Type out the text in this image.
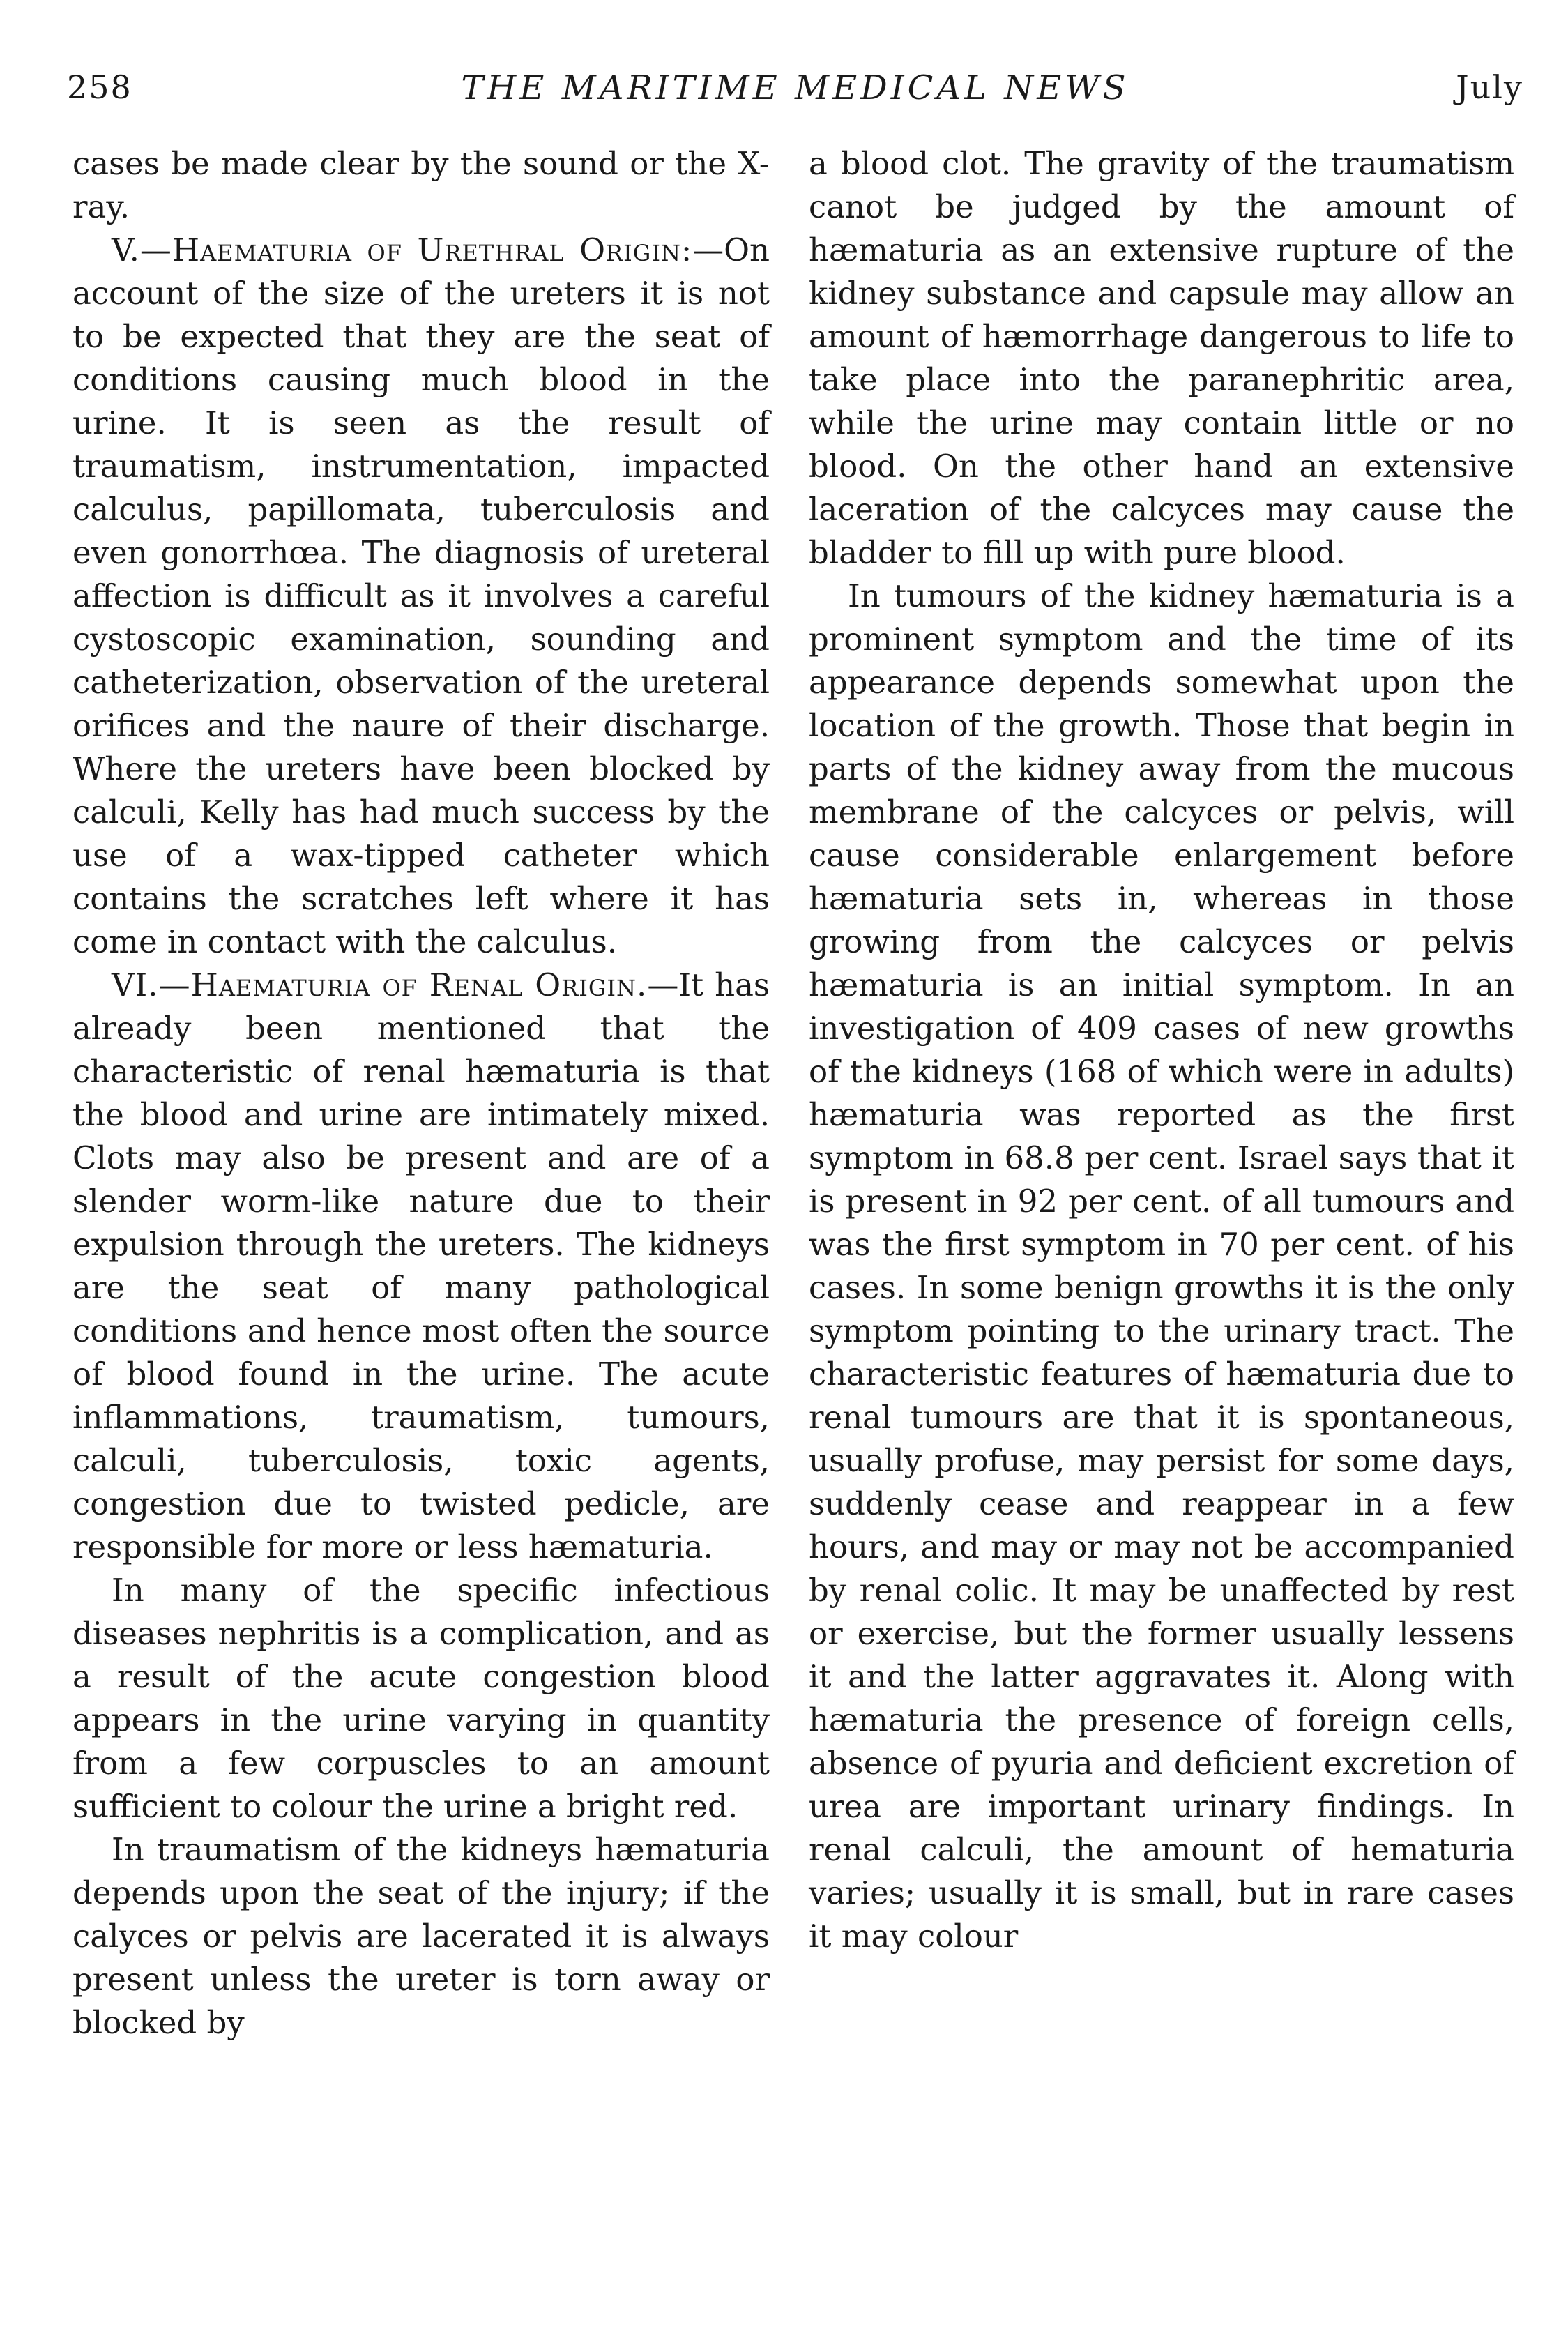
258	THE MARITIME MEDICAL NEWS	July

cases be made clear by the sound or the X-ray.

V.—Haematuria of Urethral Origin:—On account of the size of the ureters it is not to be expected that they are the seat of conditions causing much blood in the urine. It is seen as the result of traumatism, instrumentation, impacted calculus, papillomata, tuberculosis and even gonorrhœa. The diagnosis of ureteral affection is difficult as it involves a careful cystoscopic examination, sounding and catheterization, observation of the ureteral orifices and the naure of their discharge. Where the ureters have been blocked by calculi, Kelly has had much success by the use of a wax-tipped catheter which contains the scratches left where it has come in contact with the calculus.

VI.—Haematuria of Renal Origin.—It has already been mentioned that the characteristic of renal hæmaturia is that the blood and urine are intimately mixed. Clots may also be present and are of a slender worm-like nature due to their expulsion through the ureters. The kidneys are the seat of many pathological conditions and hence most often the source of blood found in the urine. The acute inflammations, traumatism, tumours, calculi, tuberculosis, toxic agents, congestion due to twisted pedicle, are responsible for more or less hæmaturia.

In many of the specific infectious diseases nephritis is a complication, and as a result of the acute congestion blood appears in the urine varying in quantity from a few corpuscles to an amount sufficient to colour the urine a bright red.

In traumatism of the kidneys hæmaturia depends upon the seat of the injury; if the calyces or pelvis are lacerated it is always present unless the ureter is torn away or blocked by

a blood clot. The gravity of the traumatism canot be judged by the amount of hæmaturia as an extensive rupture of the kidney substance and capsule may allow an amount of hæmorrhage dangerous to life to take place into the paranephritic area, while the urine may contain little or no blood. On the other hand an extensive laceration of the calcyces may cause the bladder to fill up with pure blood.

In tumours of the kidney hæmaturia is a prominent symptom and the time of its appearance depends somewhat upon the location of the growth. Those that begin in parts of the kidney away from the mucous membrane of the calcyces or pelvis, will cause considerable enlargement before hæmaturia sets in, whereas in those growing from the calcyces or pelvis hæmaturia is an initial symptom. In an investigation of 409 cases of new growths of the kidneys (168 of which were in adults) hæmaturia was reported as the first symptom in 68.8 per cent. Israel says that it is present in 92 per cent. of all tumours and was the first symptom in 70 per cent. of his cases. In some benign growths it is the only symptom pointing to the urinary tract. The characteristic features of hæmaturia due to renal tumours are that it is spontaneous, usually profuse, may persist for some days, suddenly cease and reappear in a few hours, and may or may not be accompanied by renal colic. It may be unaffected by rest or exercise, but the former usually lessens it and the latter aggravates it. Along with hæmaturia the presence of foreign cells, absence of pyuria and deficient excretion of urea are important urinary findings. In renal calculi, the amount of hematuria varies; usually it is small, but in rare cases it may colour
